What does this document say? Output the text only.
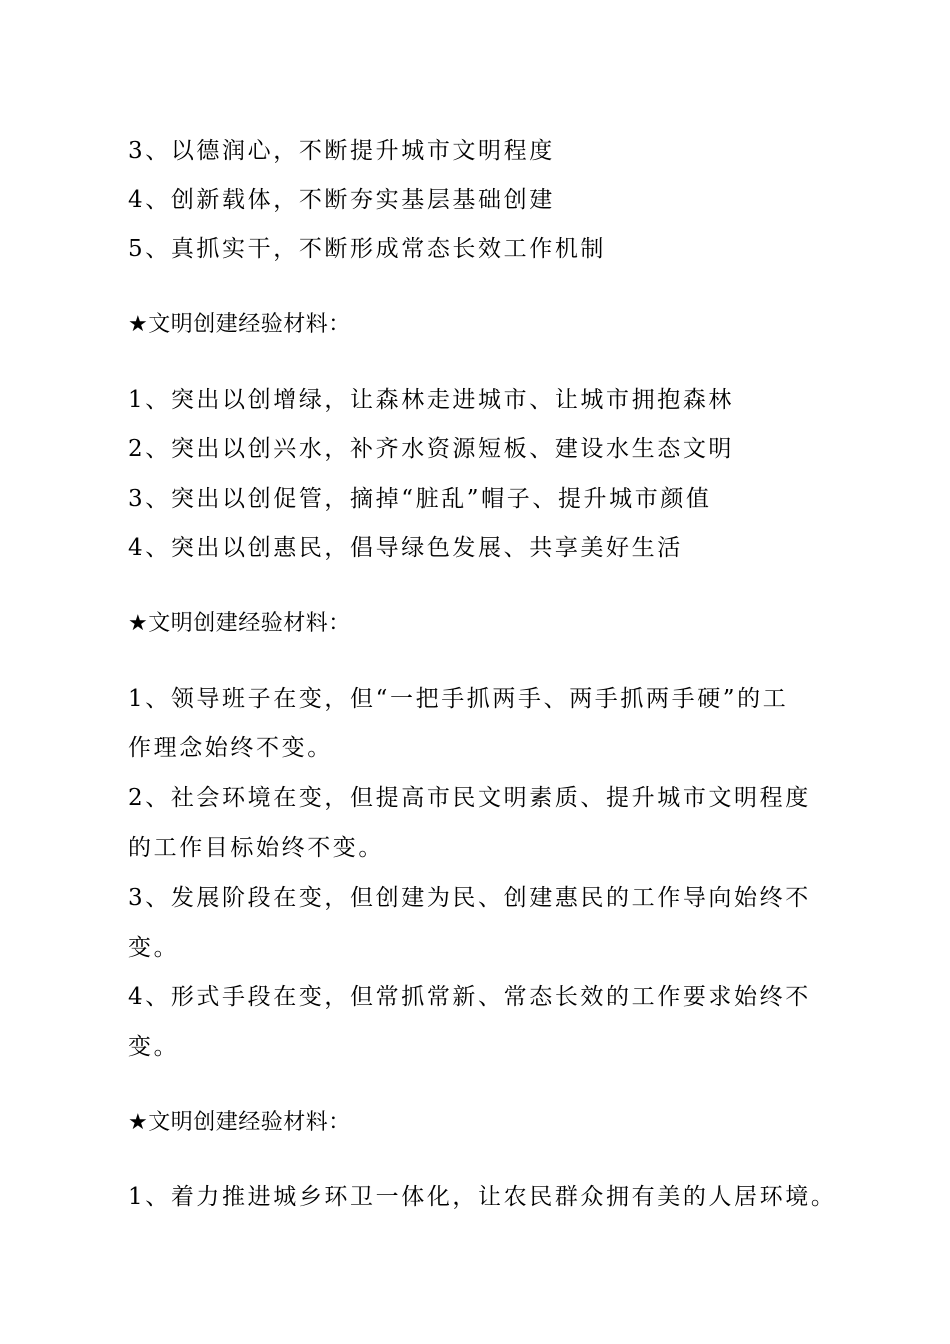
3、以德润心，不断提升城市文明程度
4、创新载体，不断夯实基层基础创建
5、真抓实干，不断形成常态长效工作机制
★文明创建经验材料：
1、突出以创增绿，让森林走进城市、让城市拥抱森林
2、突出以创兴水，补齐水资源短板、建设水生态文明
3、突出以创促管，摘掉“脏乱”帽子、提升城市颜值
4、突出以创惠民，倡导绿色发展、共享美好生活
★文明创建经验材料：
1、领导班子在变，但“一把手抓两手、两手抓两手硬”的工
作理念始终不变。
2、社会环境在变，但提高市民文明素质、提升城市文明程度
的工作目标始终不变。
3、发展阶段在变，但创建为民、创建惠民的工作导向始终不
变。
4、形式手段在变，但常抓常新、常态长效的工作要求始终不
变。
★文明创建经验材料：
1、着力推进城乡环卫一体化，让农民群众拥有美的人居环境。
